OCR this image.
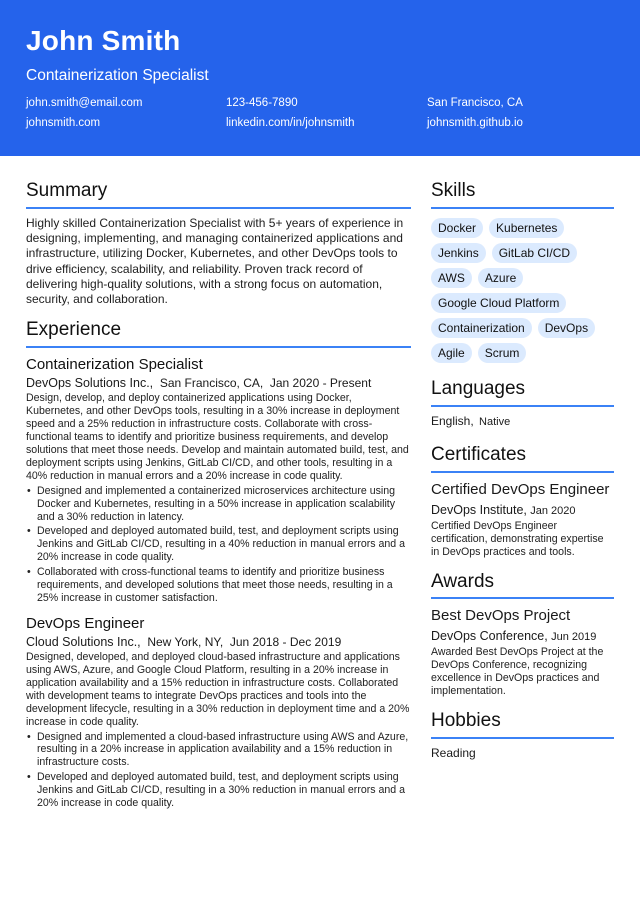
John Smith
Containerization Specialist
john.smith@email.com	123-456-7890	San Francisco, CA
johnsmith.com	linkedin.com/in/johnsmith	johnsmith.github.io
Summary
Highly skilled Containerization Specialist with 5+ years of experience in designing, implementing, and managing containerized applications and infrastructure, utilizing Docker, Kubernetes, and other DevOps tools to drive efficiency, scalability, and reliability. Proven track record of delivering high-quality solutions, with a strong focus on automation, security, and collaboration.
Experience
Containerization Specialist
DevOps Solutions Inc., San Francisco, CA, Jan 2020 - Present
Design, develop, and deploy containerized applications using Docker, Kubernetes, and other DevOps tools, resulting in a 30% increase in deployment speed and a 25% reduction in infrastructure costs. Collaborate with cross-functional teams to identify and prioritize business requirements, and develop solutions that meet those needs. Develop and maintain automated build, test, and deployment scripts using Jenkins, GitLab CI/CD, and other tools, resulting in a 40% reduction in manual errors and a 20% increase in code quality.
• Designed and implemented a containerized microservices architecture using Docker and Kubernetes, resulting in a 50% increase in application scalability and a 30% reduction in latency.
• Developed and deployed automated build, test, and deployment scripts using Jenkins and GitLab CI/CD, resulting in a 40% reduction in manual errors and a 20% increase in code quality.
• Collaborated with cross-functional teams to identify and prioritize business requirements, and developed solutions that meet those needs, resulting in a 25% increase in customer satisfaction.
DevOps Engineer
Cloud Solutions Inc., New York, NY, Jun 2018 - Dec 2019
Designed, developed, and deployed cloud-based infrastructure and applications using AWS, Azure, and Google Cloud Platform, resulting in a 20% increase in application availability and a 15% reduction in infrastructure costs. Collaborated with development teams to integrate DevOps practices and tools into the development lifecycle, resulting in a 30% reduction in deployment time and a 20% increase in code quality.
• Designed and implemented a cloud-based infrastructure using AWS and Azure, resulting in a 20% increase in application availability and a 15% reduction in infrastructure costs.
• Developed and deployed automated build, test, and deployment scripts using Jenkins and GitLab CI/CD, resulting in a 30% reduction in manual errors and a 20% increase in code quality.
Skills
Docker	Kubernetes
Jenkins	GitLab CI/CD
AWS	Azure
Google Cloud Platform
Containerization	DevOps
Agile	Scrum
Languages
English, Native
Certificates
Certified DevOps Engineer
DevOps Institute, Jan 2020
Certified DevOps Engineer certification, demonstrating expertise in DevOps practices and tools.
Awards
Best DevOps Project
DevOps Conference, Jun 2019
Awarded Best DevOps Project at the DevOps Conference, recognizing excellence in DevOps practices and implementation.
Hobbies
Reading
